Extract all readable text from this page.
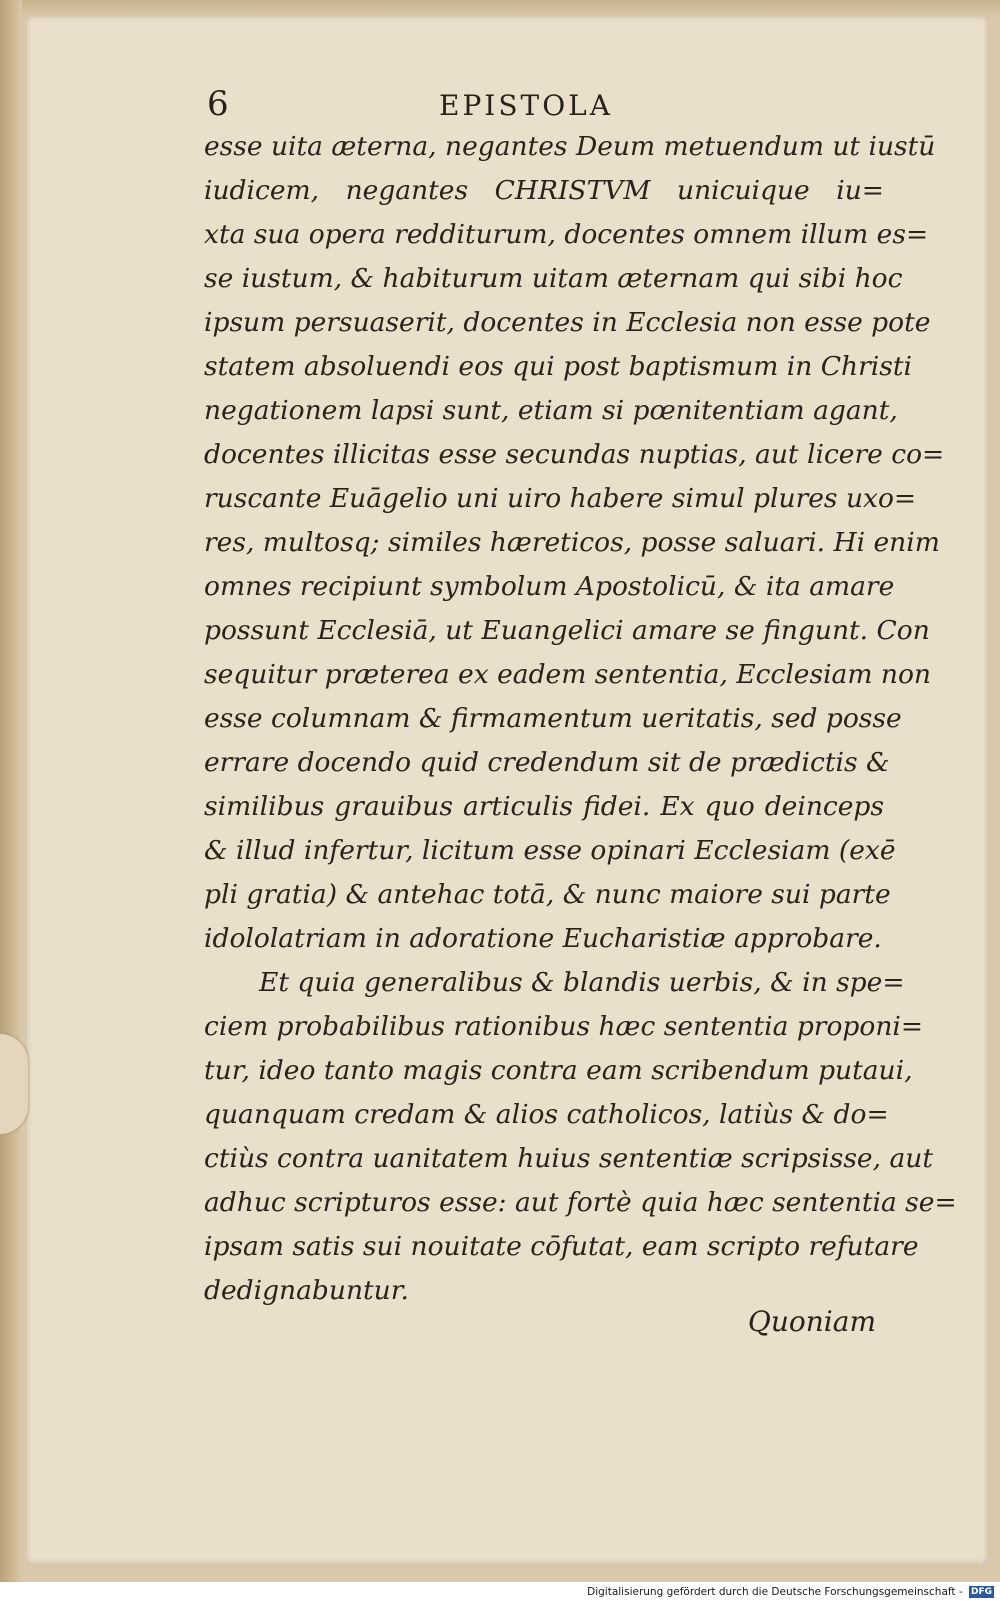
6	EPISTOLA
esse uita æterna, negantes Deum metuendum ut iustū
iudicem, negantes CHRISTVM unicuique iu=
xta sua opera redditurum, docentes omnem illum es=
se iustum, & habiturum uitam æternam qui sibi hoc
ipsum persuaserit, docentes in Ecclesia non esse pote
statem absoluendi eos qui post baptismum in Christi
negationem lapsi sunt, etiam si pœnitentiam agant,
docentes illicitas esse secundas nuptias, aut licere co=
ruscante Euāgelio uni uiro habere simul plures uxo=
res, multosq; similes hæreticos, posse saluari. Hi enim
omnes recipiunt symbolum Apostolicū, & ita amare
possunt Ecclesiā, ut Euangelici amare se fingunt. Con
sequitur præterea ex eadem sententia, Ecclesiam non
esse columnam & firmamentum ueritatis, sed posse
errare docendo quid credendum sit de prædictis &
similibus grauibus articulis fidei. Ex quo deinceps
& illud infertur, licitum esse opinari Ecclesiam (exē
pli gratia) & antehac totā, & nunc maiore sui parte
idololatriam in adoratione Eucharistiæ approbare.
Et quia generalibus & blandis uerbis, & in spe=
ciem probabilibus rationibus hæc sententia proponi=
tur, ideo tanto magis contra eam scribendum putaui,
quanquam credam & alios catholicos, latiùs & do=
ctiùs contra uanitatem huius sententiæ scripsisse, aut
adhuc scripturos esse: aut fortè quia hæc sententia se=
ipsam satis sui nouitate cōfutat, eam scripto refutare
dedignabuntur.
Quoniam
Digitalisierung gefördert durch die Deutsche Forschungsgemeinschaft - DFG
